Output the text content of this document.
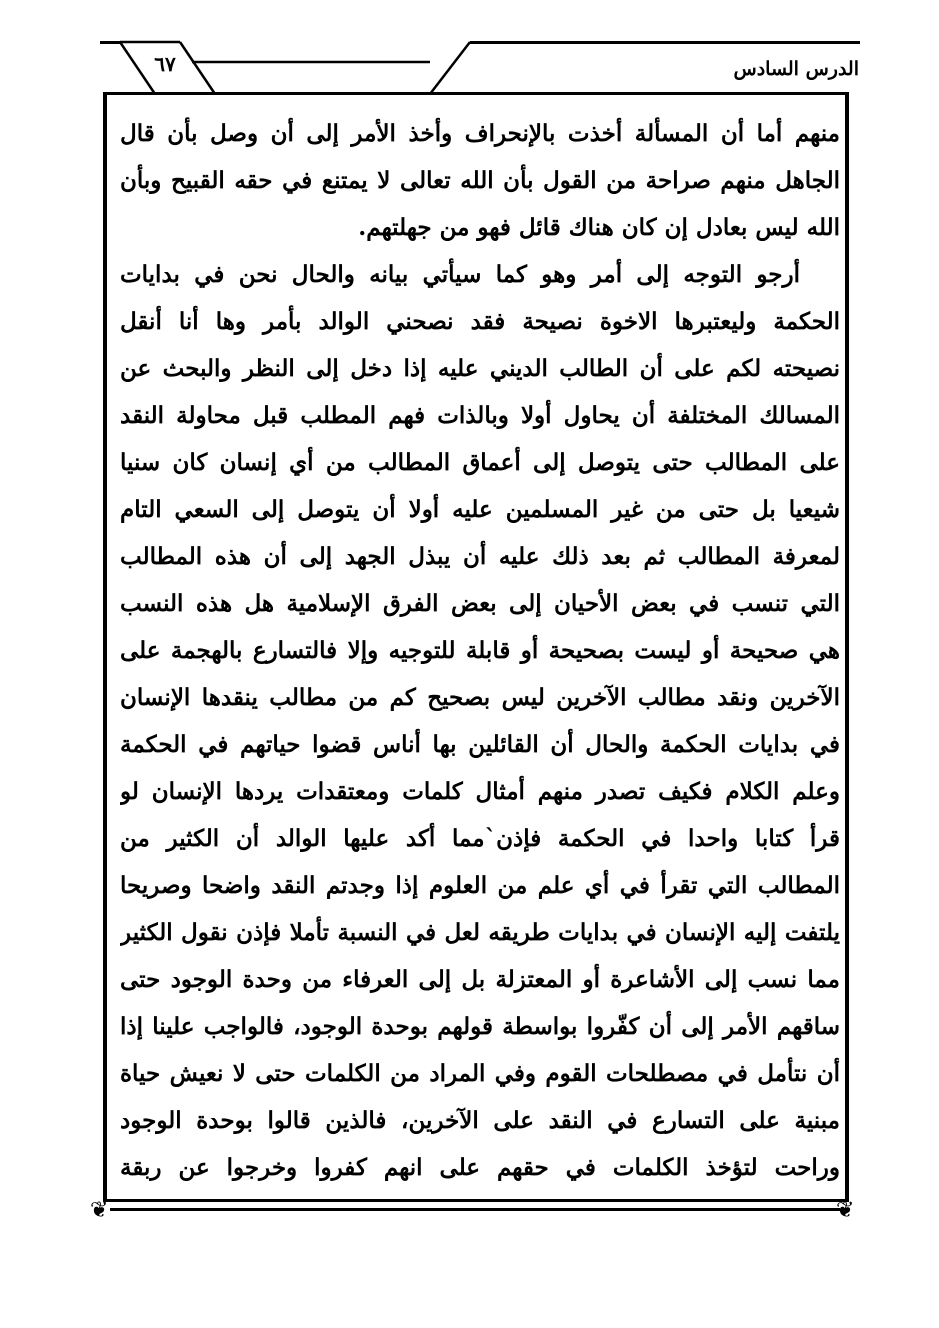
٦٧	الدرس السادس
❦	❦
منهم أما أن المسألة أخذت بالإنحراف وأخذ الأمر إلى أن وصل بأن قال
الجاهل منهم صراحة من القول بأن الله تعالى لا يمتنع في حقه القبيح وبأن
الله ليس بعادل إن كان هناك قائل فهو من جهلتهم.
أرجو التوجه إلى أمر وهو كما سيأتي بيانه والحال نحن في بدايات
الحكمة وليعتبرها الاخوة نصيحة فقد نصحني الوالد بأمر وها أنا أنقل
نصيحته لكم على أن الطالب الديني عليه إذا دخل إلى النظر والبحث عن
المسالك المختلفة أن يحاول أولا وبالذات فهم المطلب قبل محاولة النقد
على المطالب حتى يتوصل إلى أعماق المطالب من أي إنسان كان سنيا
شيعيا بل حتى من غير المسلمين عليه أولا أن يتوصل إلى السعي التام
لمعرفة المطالب ثم بعد ذلك عليه أن يبذل الجهد إلى أن هذه المطالب
التي تنسب في بعض الأحيان إلى بعض الفرق الإسلامية هل هذه النسب
هي صحيحة أو ليست بصحيحة أو قابلة للتوجيه وإلا فالتسارع بالهجمة على
الآخرين ونقد مطالب الآخرين ليس بصحيح كم من مطالب ينقدها الإنسان
في بدايات الحكمة والحال أن القائلين بها أناس قضوا حياتهم في الحكمة
وعلم الكلام فكيف تصدر منهم أمثال كلمات ومعتقدات يردها الإنسان لو
قرأ كتابا واحدا في الحكمة فإذن`مما أكد عليها الوالد أن الكثير من
المطالب التي تقرأ في أي علم من العلوم إذا وجدتم النقد واضحا وصريحا
يلتفت إليه الإنسان في بدايات طريقه لعل في النسبة تأملا فإذن نقول الكثير
مما نسب إلى الأشاعرة أو المعتزلة بل إلى العرفاء من وحدة الوجود حتى
ساقهم الأمر إلى أن كفّروا بواسطة قولهم بوحدة الوجود، فالواجب علينا إذا
أن نتأمل في مصطلحات القوم وفي المراد من الكلمات حتى لا نعيش حياة
مبنية على التسارع في النقد على الآخرين، فالذين قالوا بوحدة الوجود
وراحت لتؤخذ الكلمات في حقهم على انهم كفروا وخرجوا عن ربقة
